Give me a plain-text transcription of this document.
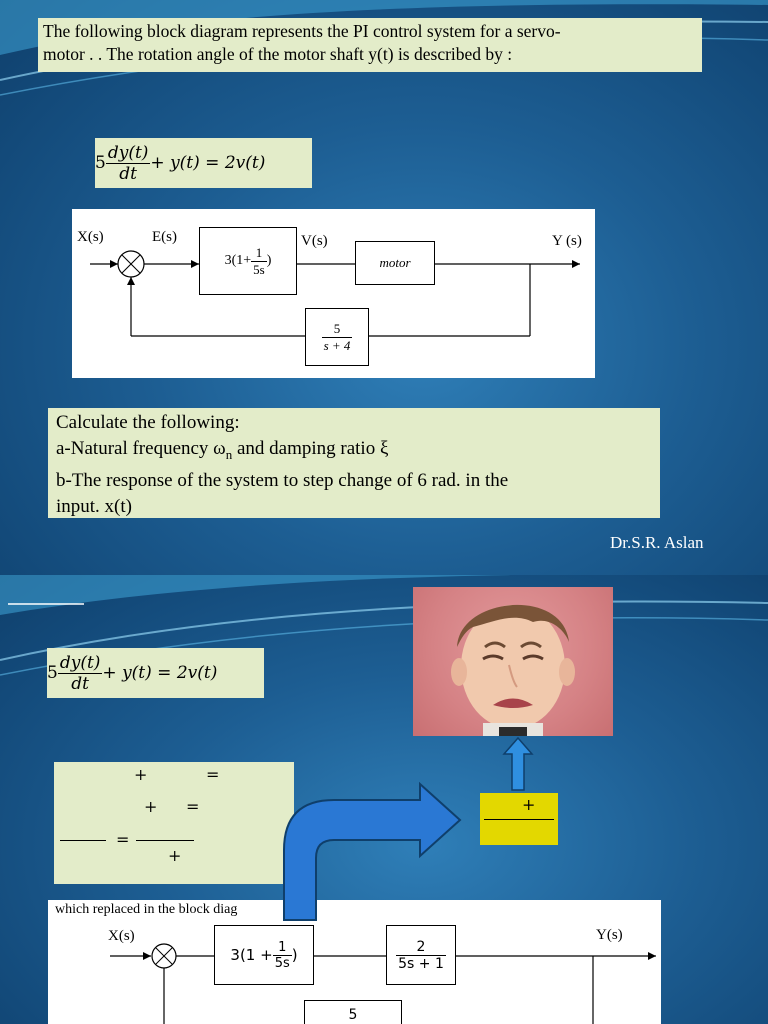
The following block diagram represents the PI control system for a servo-
motor . . The rotation angle of the motor shaft y(t) is described by :
$5 \frac{dy(t)}{dt} + y(t) = 2v(t)$
X(s)	E(s)
$3(1+ \frac{1}{5s}$ )
V(s)
motor
Y (s)
$\frac{5}{s + 4}$
Calculate the following:
a-Natural frequency $\omega_n$ and damping ratio ξ
b-The response of the system to step change of 6 rad. in the
input. x(t)
Dr.S.R. Aslan
$5 \frac{dy(t)}{dt} + y(t) = 2v(t)$
+	=
+ =
=
+
+
which replaced in the block diag
X(s)
$3(1 + \frac{1}{5s}$ )	$\frac{2}{5s + 1}$
Y(s)
5
